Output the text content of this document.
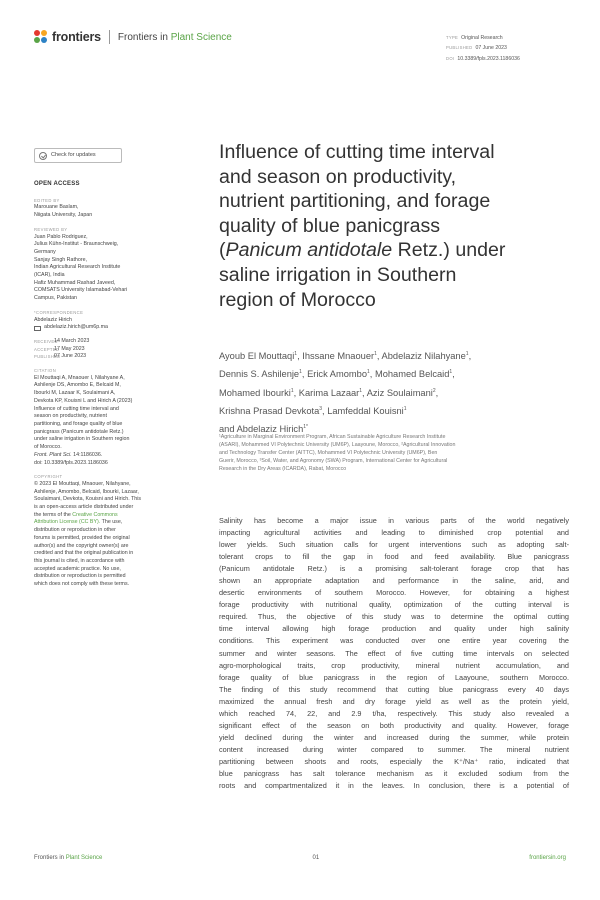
frontiers Frontiers in Plant Science	TYPE Original Research
PUBLISHED 07 June 2023
DOI 10.3389/fpls.2023.1186036
Check for updates
OPEN ACCESS
EDITED BY
Marouane Baslam,
Niigata University, Japan
REVIEWED BY
Juan Pablo Rodriguez,
Julius Kühn-Institut - Braunschweig,
Germany
Sanjay Singh Rathore,
Indian Agricultural Research Institute
(ICAR), India
Hafiz Muhammad Rashad Javeed,
COMSATS University Islamabad-Vehari
Campus, Pakistan
*CORRESPONDENCE
Abdelaziz Hirich
abdelaziz.hirich@um6p.ma
RECEIVED
14 March 2023
ACCEPTED
17 May 2023
PUBLISHED
07 June 2023
CITATION
El Mouttaqi A, Mnaouer I, Nilahyane A,
Ashilenje DS, Amombo E, Belcaid M,
Ibourki M, Lazaar K, Soulaimani A,
Devkota KP, Kouisni L and Hirich A (2023)
Influence of cutting time interval and
season on productivity, nutrient
partitioning, and forage quality of blue
panicgrass (Panicum antidotale Retz.)
under saline irrigation in Southern region
of Morocco.
Front. Plant Sci. 14:1186036.
doi: 10.3389/fpls.2023.1186036
COPYRIGHT
© 2023 El Mouttaqi, Mnaouer, Nilahyane,
Ashilenje, Amombo, Belcaid, Ibourki, Lazaar,
Soulaimani, Devkota, Kouisni and Hirich. This
is an open-access article distributed under
the terms of the Creative Commons
Attribution License (CC BY). The use,
distribution or reproduction in other
forums is permitted, provided the original
author(s) and the copyright owner(s) are
credited and that the original publication in
this journal is cited, in accordance with
accepted academic practice. No use,
distribution or reproduction is permitted
which does not comply with these terms.
Influence of cutting time interval
and season on productivity,
nutrient partitioning, and forage
quality of blue panicgrass
(Panicum antidotale Retz.) under
saline irrigation in Southern
region of Morocco
Ayoub El Mouttaqi$^1$, Ihssane Mnaouer$^1$, Abdelaziz Nilahyane$^1$,
Dennis S. Ashilenje$^1$, Erick Amombo$^1$, Mohamed Belcaid$^1$,
Mohamed Ibourki$^1$, Karima Lazaar$^1$, Aziz Soulaimani$^2$,
Krishna Prasad Devkota$^3$, Lamfeddal Kouisni$^1$
and Abdelaziz Hirich$^{1*}$
¹Agriculture in Marginal Environment Program, African Sustainable Agriculture Research Institute
(ASARI), Mohammed VI Polytechnic University (UM6P), Laayoune, Morocco, ²Agricultural Innovation
and Technology Transfer Center (AITTC), Mohammed VI Polytechnic University (UM6P), Ben
Guerir, Morocco, ³Soil, Water, and Agronomy (SWA) Program, International Center for Agricultural
Research in the Dry Areas (ICARDA), Rabat, Morocco
Salinity has become a major issue in various parts of the world negatively
impacting agricultural activities and leading to diminished crop potential and
lower yields. Such situation calls for urgent interventions such as adopting salt-
tolerant crops to fill the gap in food and feed availability. Blue panicgrass
(Panicum antidotale Retz.) is a promising salt-tolerant forage crop that has
shown an appropriate adaptation and performance in the saline, arid, and
desertic environments of southern Morocco. However, for obtaining a highest
forage productivity with nutritional quality, optimization of the cutting interval is
required. Thus, the objective of this study was to determine the optimal cutting
time interval allowing high forage production and quality under high salinity
conditions. This experiment was conducted over one entire year covering the
summer and winter seasons. The effect of five cutting time intervals on selected
agro-morphological traits, crop productivity, mineral nutrient accumulation, and
forage quality of blue panicgrass in the region of Laayoune, southern Morocco.
The finding of this study recommend that cutting blue panicgrass every 40 days
maximized the annual fresh and dry forage yield as well as the protein yield,
which reached 74, 22, and 2.9 t/ha, respectively. This study also revealed a
significant effect of the season on both productivity and quality. However, forage
yield declined during the winter and increased during the summer, while protein
content increased during winter compared to summer. The mineral nutrient
partitioning between shoots and roots, especially the K⁺/Na⁺ ratio, indicated that
blue panicgrass has salt tolerance mechanism as it excluded sodium from the
roots and compartmentalized it in the leaves. In conclusion, there is a potential of
Frontiers in Plant Science	01	frontiersin.org
